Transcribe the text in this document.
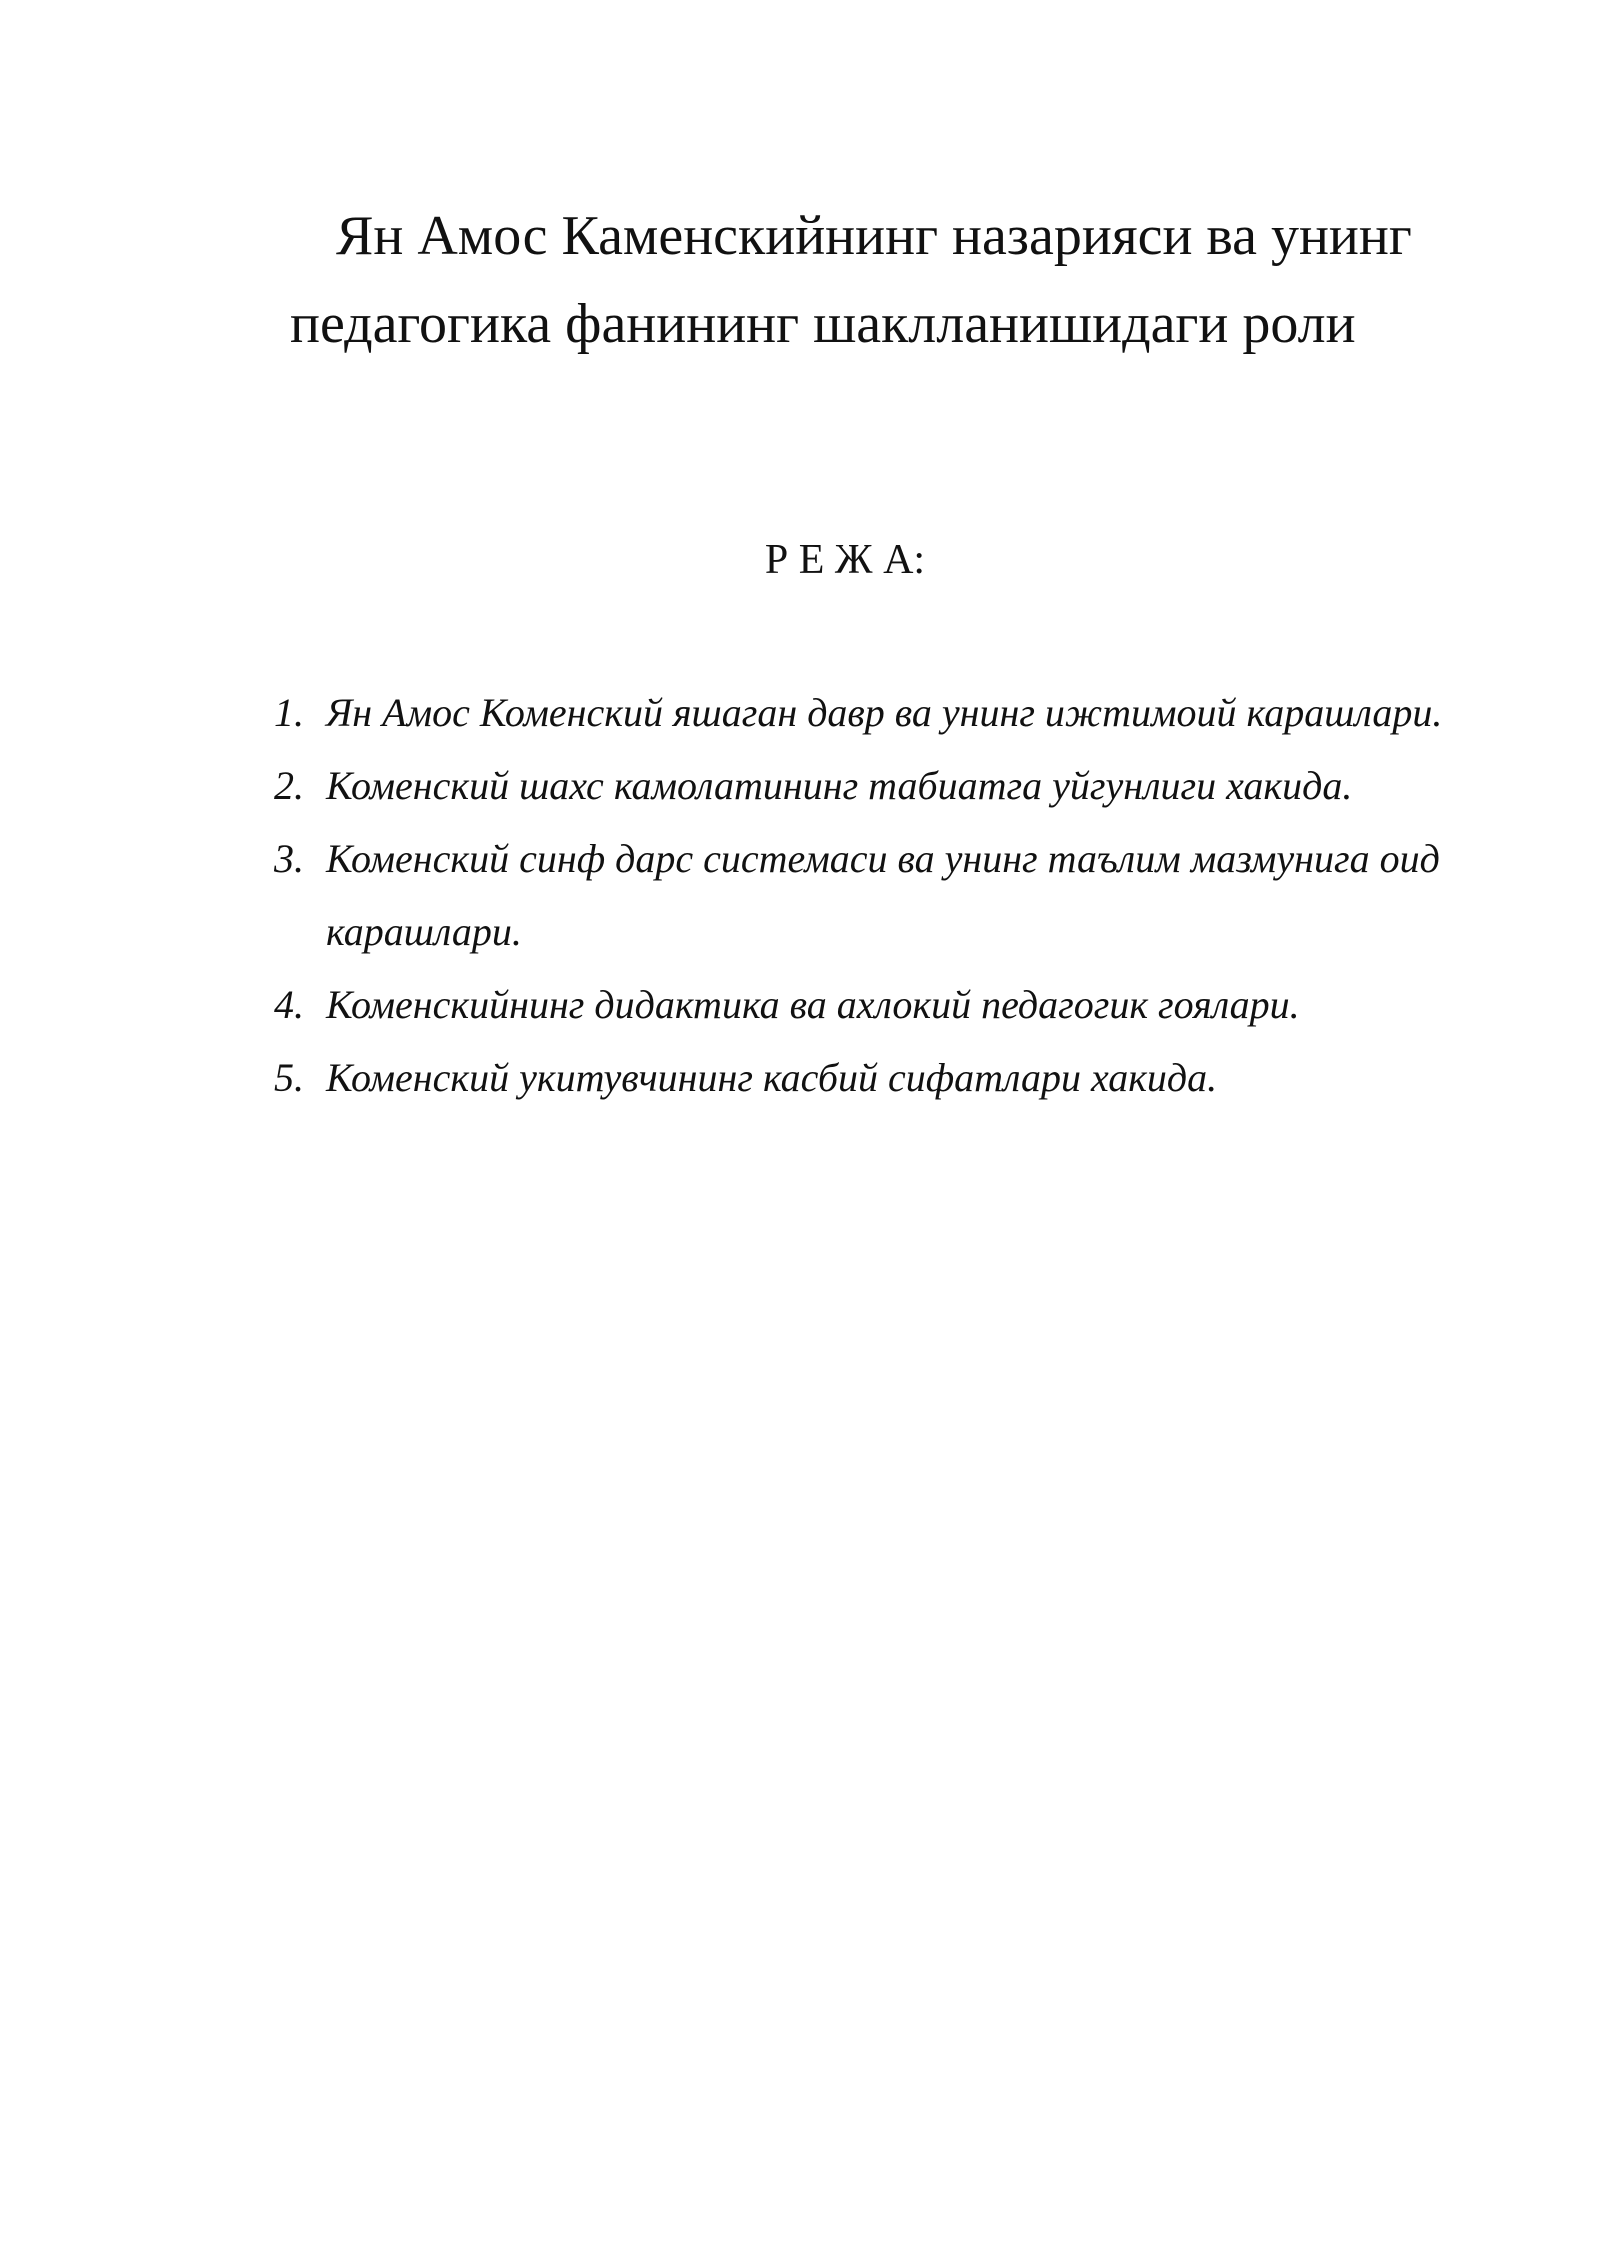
Ян Амос Каменскийнинг назарияси ва унинг
педагогика фанининг шаклланишидаги роли
Р Е Ж А:
1. Ян Амос Коменский яшаган давр ва унинг ижтимоий карашлари.
2. Коменский шахс камолатининг табиатга уйгунлиги хакида.
3. Коменский синф дарс системаси ва унинг таълим мазмунига оид карашлари.
4. Коменскийнинг дидактика ва ахлокий педагогик гоялари.
5. Коменский укитувчининг касбий сифатлари хакида.
